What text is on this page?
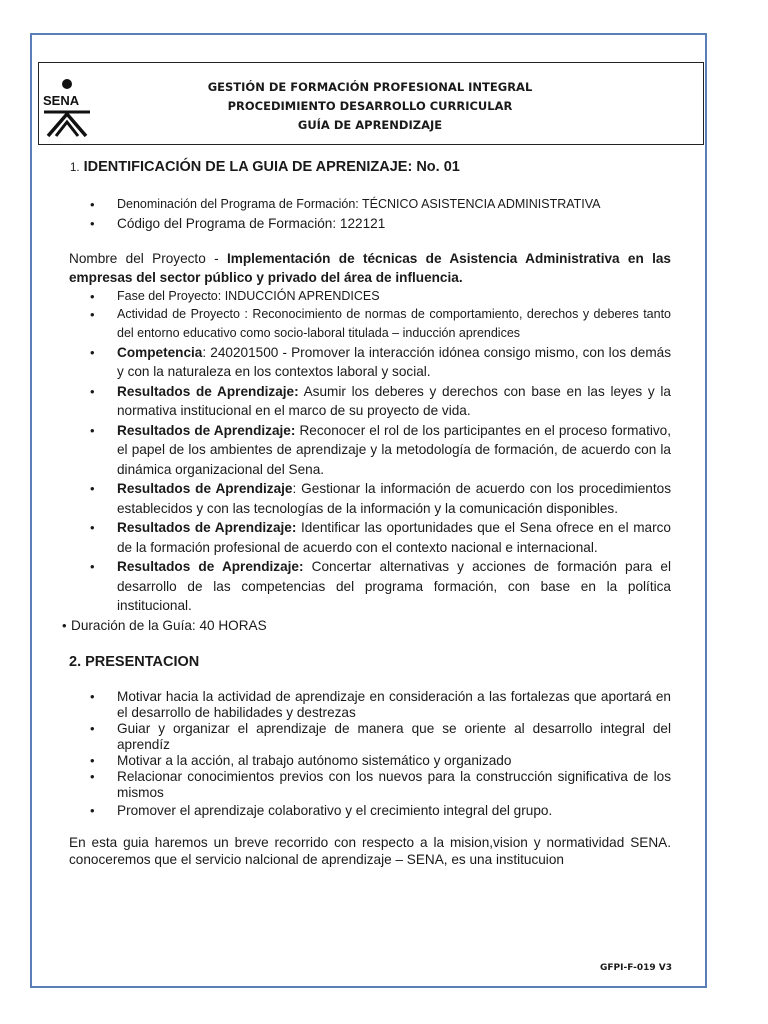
SENA
GESTIÓN DE FORMACIÓN PROFESIONAL INTEGRAL
PROCEDIMIENTO DESARROLLO CURRICULAR
GUÍA DE APRENDIZAJE

1. IDENTIFICACIÓN DE LA GUIA DE APRENIZAJE: No. 01

• Denominación del Programa de Formación: TÉCNICO ASISTENCIA ADMINISTRATIVA
• Código del Programa de Formación: 122121

Nombre del Proyecto - Implementación de técnicas de Asistencia Administrativa en las empresas del sector público y privado del área de influencia.

• Fase del Proyecto: INDUCCIÓN APRENDICES
• Actividad de Proyecto : Reconocimiento de normas de comportamiento, derechos y deberes tanto del entorno educativo como socio-laboral titulada – inducción aprendices
• Competencia: 240201500 - Promover la interacción idónea consigo mismo, con los demás y con la naturaleza en los contextos laboral y social.
• Resultados de Aprendizaje: Asumir los deberes y derechos con base en las leyes y la normativa institucional en el marco de su proyecto de vida.
• Resultados de Aprendizaje: Reconocer el rol de los participantes en el proceso formativo, el papel de los ambientes de aprendizaje y la metodología de formación, de acuerdo con la dinámica organizacional del Sena.
• Resultados de Aprendizaje: Gestionar la información de acuerdo con los procedimientos establecidos y con las tecnologías de la información y la comunicación disponibles.
• Resultados de Aprendizaje: Identificar las oportunidades que el Sena ofrece en el marco de la formación profesional de acuerdo con el contexto nacional e internacional.
• Resultados de Aprendizaje: Concertar alternativas y acciones de formación para el desarrollo de las competencias del programa formación, con base en la política institucional.
• Duración de la Guía: 40 HORAS

2. PRESENTACION

• Motivar hacia la actividad de aprendizaje en consideración a las fortalezas que aportará en el desarrollo de habilidades y destrezas
• Guiar y organizar el aprendizaje de manera que se oriente al desarrollo integral del aprendíz
• Motivar a la acción, al trabajo autónomo sistemático y organizado
• Relacionar conocimientos previos con los nuevos para la construcción significativa de los mismos
• Promover el aprendizaje colaborativo y el crecimiento integral del grupo.

En esta guia haremos un breve recorrido con respecto a la mision,vision y normatividad SENA. conoceremos que el servicio nalcional de aprendizaje – SENA, es una institucuion

GFPI-F-019 V3
